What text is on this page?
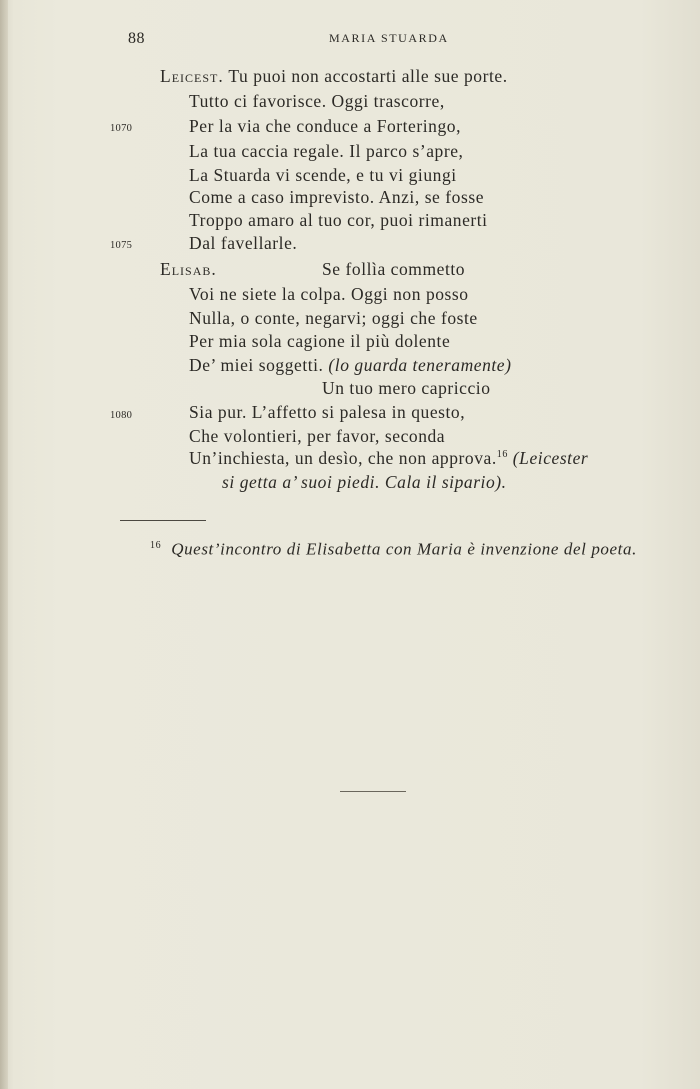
88	MARIA STUARDA
Leicest. Tu puoi non accostarti alle sue porte.
Tutto ci favorisce. Oggi trascorre,
1070	Per la via che conduce a Forteringo,
La tua caccia regale. Il parco s’apre,
La Stuarda vi scende, e tu vi giungi
Come a caso imprevisto. Anzi, se fosse
Troppo amaro al tuo cor, puoi rimanerti
1075	Dal favellarle.
Elisab.	Se follìa commetto
Voi ne siete la colpa. Oggi non posso
Nulla, o conte, negarvi; oggi che foste
Per mia sola cagione il più dolente
De’ miei soggetti. (lo guarda teneramente)
Un tuo mero capriccio
1080	Sia pur. L’affetto si palesa in questo,
Che volontieri, per favor, seconda
Un’inchiesta, un desìo, che non approva.$^{16}$ (Leicester
si getta a’ suoi piedi. Cala il sipario).
$^{16}$ Quest’incontro di Elisabetta con Maria è invenzione del poeta.
